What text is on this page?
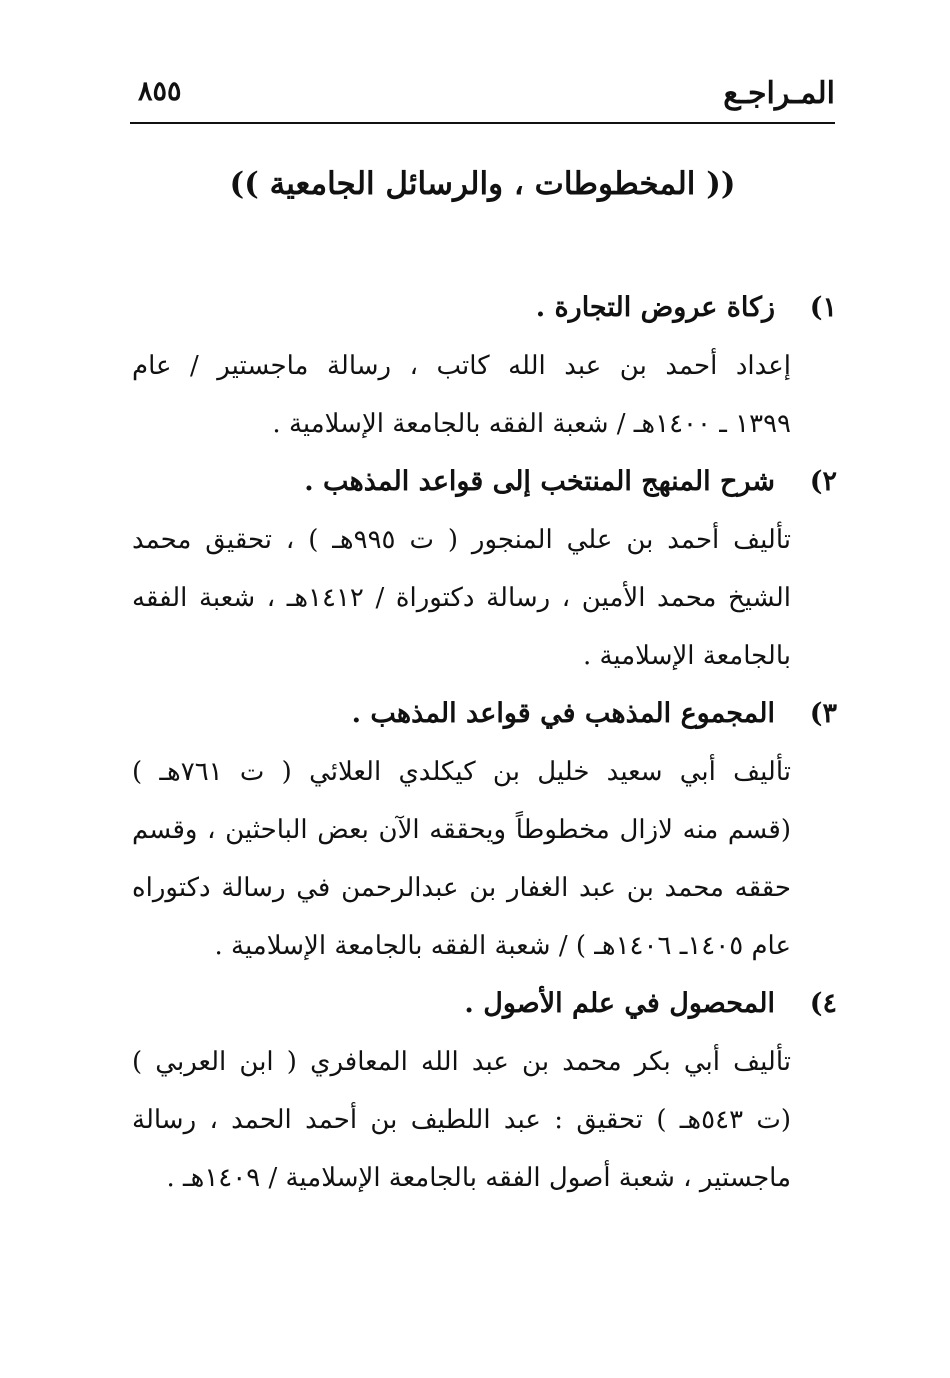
المـراجـع
٨٥٥
(( المخطوطات ، والرسائل الجامعية ))
١)
زكاة عروض التجارة .
إعداد أحمد بن عبد الله كاتب ، رسالة ماجستير / عام
١٣٩٩ ـ ١٤٠٠هـ / شعبة الفقه بالجامعة الإسلامية .
٢)
شرح المنهج المنتخب إلى قواعد المذهب .
تأليف أحمد بن علي المنجور ( ت ٩٩٥هـ ) ، تحقيق محمد
الشيخ محمد الأمين ، رسالة دكتوراة / ١٤١٢هـ ، شعبة الفقه
بالجامعة الإسلامية .
٣)
المجموع المذهب في قواعد المذهب .
تأليف أبي سعيد خليل بن كيكلدي العلائي ( ت ٧٦١هـ )
(قسم منه لازال مخطوطاً ويحققه الآن بعض الباحثين ، وقسم
حققه محمد بن عبد الغفار بن عبدالرحمن في رسالة دكتوراه
عام ١٤٠٥ـ ١٤٠٦هـ ) / شعبة الفقه بالجامعة الإسلامية .
٤)
المحصول في علم الأصول .
تأليف أبي بكر محمد بن عبد الله المعافري ( ابن العربي )
(ت ٥٤٣هـ ) تحقيق : عبد اللطيف بن أحمد الحمد ، رسالة
ماجستير ، شعبة أصول الفقه بالجامعة الإسلامية / ١٤٠٩هـ .
